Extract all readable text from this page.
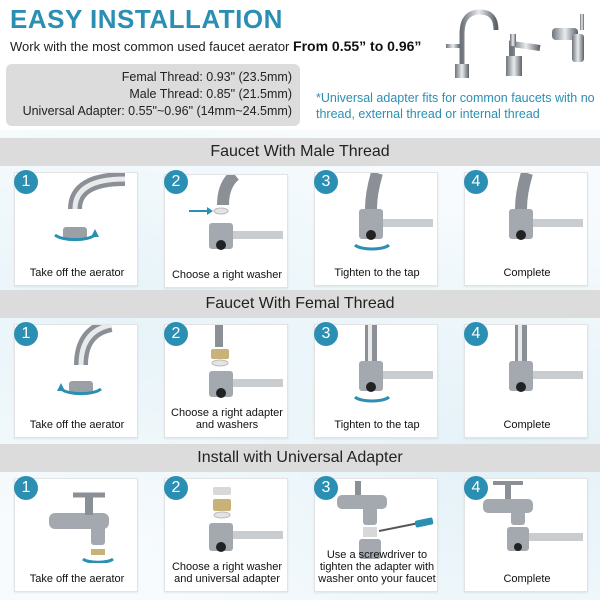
EASY INSTALLATION
Work with the most common used faucet aerator From 0.55” to 0.96”
Femal Thread: 0.93" (23.5mm)
Male Thread: 0.85" (21.5mm)
Universal Adapter: 0.55"~0.96" (14mm~24.5mm)
*Universal adapter fits for common faucets with no thread, external thread or internal thread
Faucet With Male Thread
Take off the aerator
1
Choose a right washer
2
Tighten to the tap
3
Complete
4
Faucet With Femal Thread
Take off the aerator
1
Choose a right adapter and washers
2
Tighten to the tap
3
Complete
4
Install with Universal Adapter
Take off the aerator
1
Choose a right washer and universal adapter
2
Use a screwdriver to tighten the adapter with washer onto your faucet
3
Complete
4
